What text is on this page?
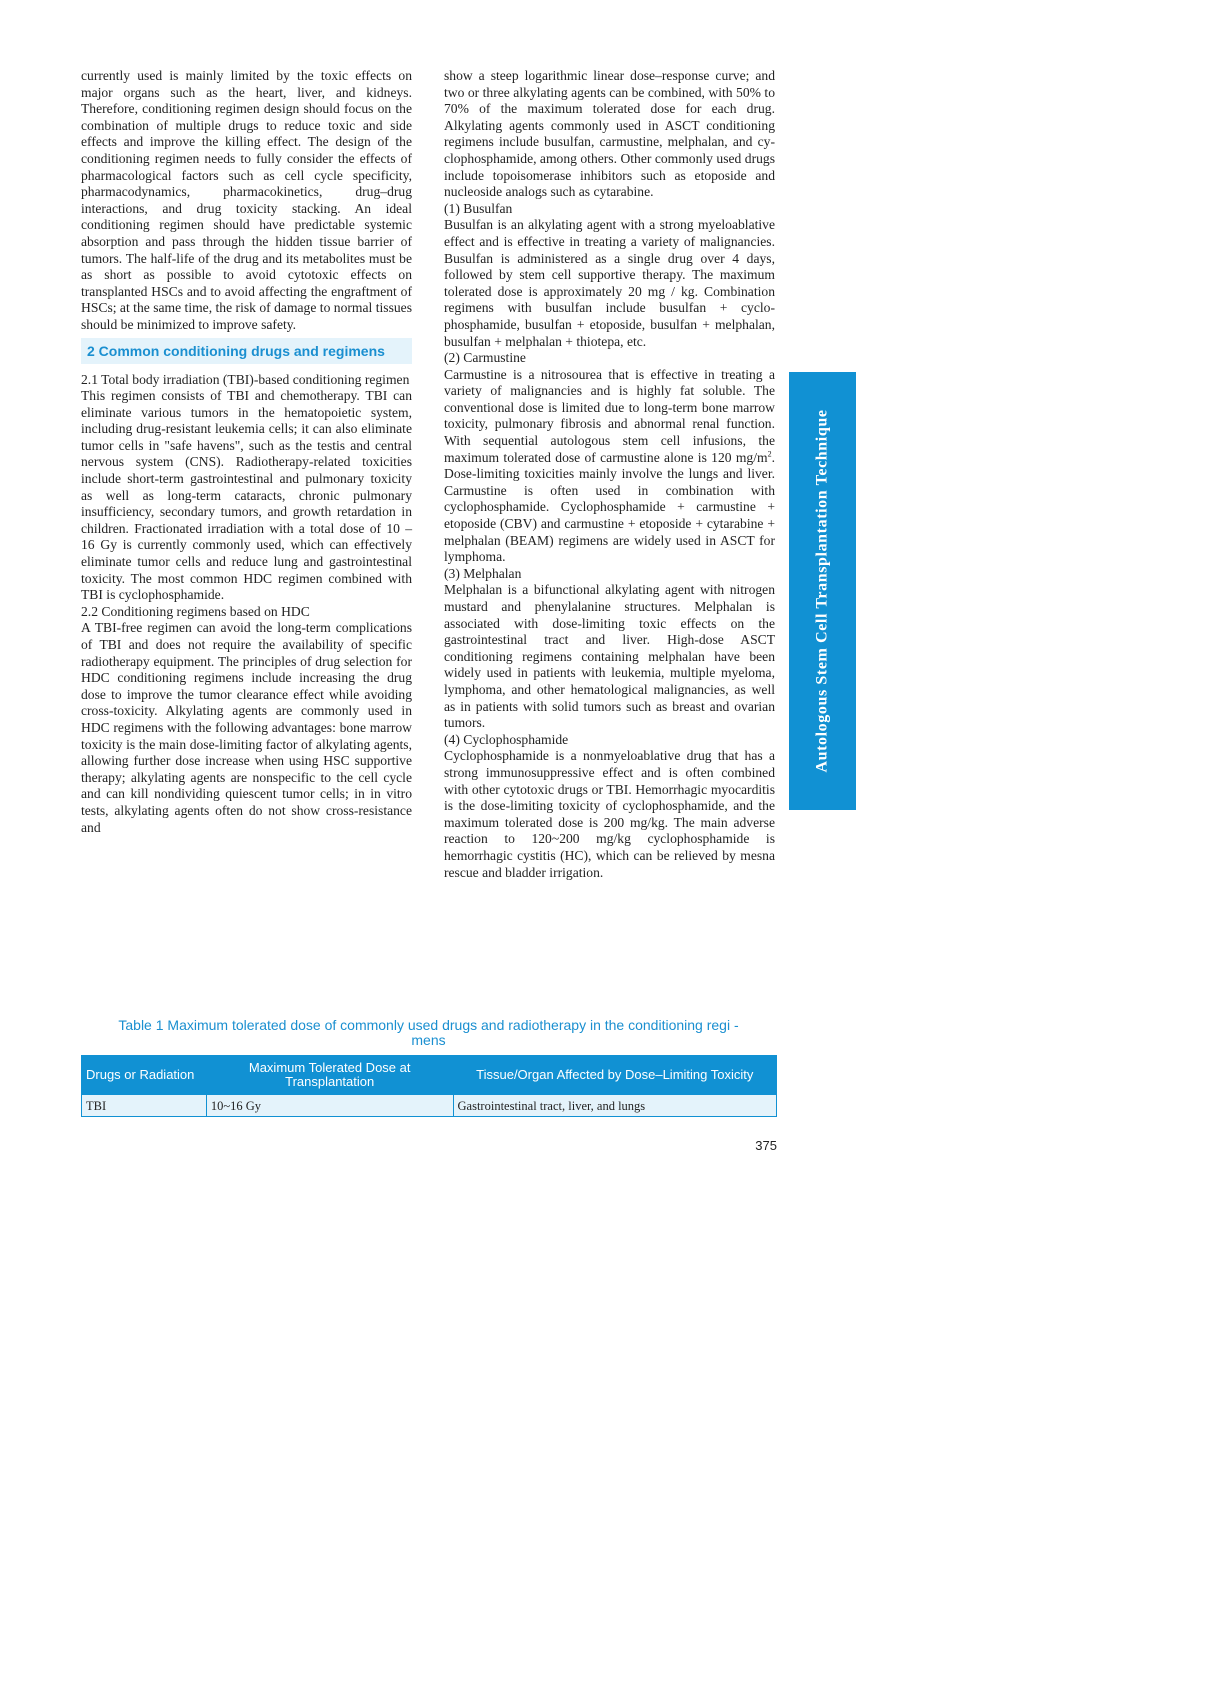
currently used is mainly limited by the toxic effects on major organs such as the heart, liver, and kidneys. Therefore, conditioning regimen design should focus on the combination of multiple drugs to reduce toxic and side effects and improve the killing effect. The design of the conditioning regimen needs to fully consider the effects of pharmacological factors such as cell cycle specificity, pharmacodynamics, pharmacokinetics, drug–drug interactions, and drug toxicity stacking. An ideal conditioning regimen should have predictable systemic absorption and pass through the hidden tissue barrier of tumors. The half-life of the drug and its metabolites must be as short as possible to avoid cytotoxic effects on transplanted HSCs and to avoid affecting the engraftment of HSCs; at the same time, the risk of damage to normal tissues should be minimized to improve safety.

2 Common conditioning drugs and regimens

2.1 Total body irradiation (TBI)-based conditioning regimen

This regimen consists of TBI and chemotherapy. TBI can eliminate various tumors in the hematopoietic system, including drug-resistant leukemia cells; it can also eliminate tumor cells in "safe havens", such as the testis and central nervous system (CNS). Radiotherapy-related toxicities include short-term gastrointestinal and pulmonary toxicity as well as long-term cataracts, chronic pulmonary insufficiency, secondary tumors, and growth retardation in children. Fractionated irradiation with a total dose of 10 – 16 Gy is currently commonly used, which can effectively eliminate tumor cells and reduce lung and gastrointestinal toxicity. The most common HDC regimen combined with TBI is cyclophosphamide.

2.2 Conditioning regimens based on HDC

A TBI-free regimen can avoid the long-term complications of TBI and does not require the availability of specific radiotherapy equipment. The principles of drug selection for HDC conditioning regimens include increasing the drug dose to improve the tumor clearance effect while avoiding cross-toxicity. Alkylating agents are commonly used in HDC regimens with the following advantages: bone marrow toxicity is the main dose-limiting factor of alkylating agents, allowing further dose increase when using HSC supportive therapy; alkylating agents are nonspecific to the cell cycle and can kill nondividing quiescent tumor cells; in in vitro tests, alkylating agents often do not show cross-resistance and

show a steep logarithmic linear dose–response curve; and two or three alkylating agents can be combined, with 50% to 70% of the maximum tolerated dose for each drug. Alkylating agents commonly used in ASCT conditioning regimens include busulfan, carmustine, melphalan, and cyclophosphamide, among others. Other commonly used drugs include topoisomerase inhibitors such as etoposide and nucleoside analogs such as cytarabine.

(1) Busulfan

Busulfan is an alkylating agent with a strong myeloablative effect and is effective in treating a variety of malignancies. Busulfan is administered as a single drug over 4 days, followed by stem cell supportive therapy. The maximum tolerated dose is approximately 20 mg / kg. Combination regimens with busulfan include busulfan + cyclophosphamide, busulfan + etoposide, busulfan + melphalan, busulfan + melphalan + thiotepa, etc.

(2) Carmustine

Carmustine is a nitrosourea that is effective in treating a variety of malignancies and is highly fat soluble. The conventional dose is limited due to long-term bone marrow toxicity, pulmonary fibrosis and abnormal renal function. With sequential autologous stem cell infusions, the maximum tolerated dose of carmustine alone is 120 $mg/m^2$. Dose-limiting toxicities mainly involve the lungs and liver. Carmustine is often used in combination with cyclophosphamide. Cyclophosphamide + carmustine + etoposide (CBV) and carmustine + etoposide + cytarabine + melphalan (BEAM) regimens are widely used in ASCT for lymphoma.

(3) Melphalan

Melphalan is a bifunctional alkylating agent with nitrogen mustard and phenylalanine structures. Melphalan is associated with dose-limiting toxic effects on the gastrointestinal tract and liver. High-dose ASCT conditioning regimens containing melphalan have been widely used in patients with leukemia, multiple myeloma, lymphoma, and other hematological malignancies, as well as in patients with solid tumors such as breast and ovarian tumors.

(4) Cyclophosphamide

Cyclophosphamide is a nonmyeloablative drug that has a strong immunosuppressive effect and is often combined with other cytotoxic drugs or TBI. Hemorrhagic myocarditis is the dose-limiting toxicity of cyclophosphamide, and the maximum tolerated dose is 200 mg/kg. The main adverse reaction to 120~200 mg/kg cyclophosphamide is hemorrhagic cystitis (HC), which can be relieved by mesna rescue and bladder irrigation.

Autologous Stem Cell Transplantation Technique
Table 1 Maximum tolerated dose of commonly used drugs and radiotherapy in the conditioning regi -
mens
Drugs or Radiation	Maximum Tolerated Dose at Transplantation	Tissue/Organ Affected by Dose–Limiting Toxicity
TBI	10~16 Gy	Gastrointestinal tract, liver, and lungs
375
